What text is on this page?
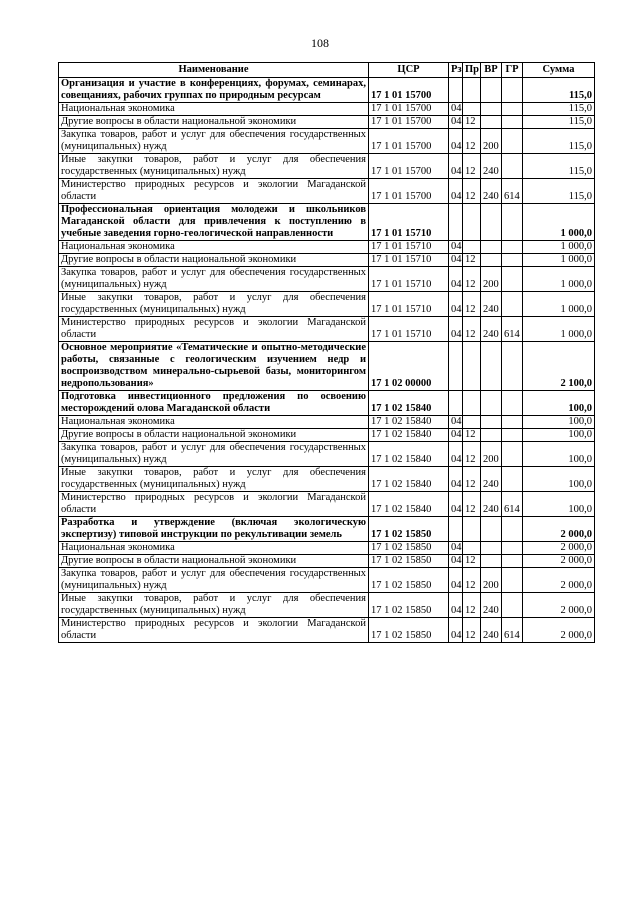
108
Наименование	ЦСР	Рз	Пр	ВР	ГР	Сумма
Организация и участие в конференциях, форумах, семинарах, совещаниях, рабочих группах по природным ресурсам	17 1 01 15700					115,0
Национальная экономика	17 1 01 15700	04				115,0
Другие вопросы в области национальной экономики	17 1 01 15700	04	12			115,0
Закупка товаров, работ и услуг для обеспечения государственных (муниципальных) нужд	17 1 01 15700	04	12	200		115,0
Иные закупки товаров, работ и услуг для обеспечения государственных (муниципальных) нужд	17 1 01 15700	04	12	240		115,0
Министерство природных ресурсов и экологии Магаданской области	17 1 01 15700	04	12	240	614	115,0
Профессиональная ориентация молодежи и школьников Магаданской области для привлечения к поступлению в учебные заведения горно-геологической направленности	17 1 01 15710					1 000,0
Национальная экономика	17 1 01 15710	04				1 000,0
Другие вопросы в области национальной экономики	17 1 01 15710	04	12			1 000,0
Закупка товаров, работ и услуг для обеспечения государственных (муниципальных) нужд	17 1 01 15710	04	12	200		1 000,0
Иные закупки товаров, работ и услуг для обеспечения государственных (муниципальных) нужд	17 1 01 15710	04	12	240		1 000,0
Министерство природных ресурсов и экологии Магаданской области	17 1 01 15710	04	12	240	614	1 000,0
Основное мероприятие «Тематические и опытно-методические работы, связанные с геологическим изучением недр и воспроизводством минерально-сырьевой базы, мониторингом недропользования»	17 1 02 00000					2 100,0
Подготовка инвестиционного предложения по освоению месторождений олова Магаданской области	17 1 02 15840					100,0
Национальная экономика	17 1 02 15840	04				100,0
Другие вопросы в области национальной экономики	17 1 02 15840	04	12			100,0
Закупка товаров, работ и услуг для обеспечения государственных (муниципальных) нужд	17 1 02 15840	04	12	200		100,0
Иные закупки товаров, работ и услуг для обеспечения государственных (муниципальных) нужд	17 1 02 15840	04	12	240		100,0
Министерство природных ресурсов и экологии Магаданской области	17 1 02 15840	04	12	240	614	100,0
Разработка и утверждение (включая экологическую экспертизу) типовой инструкции по рекультивации земель	17 1 02 15850					2 000,0
Национальная экономика	17 1 02 15850	04				2 000,0
Другие вопросы в области национальной экономики	17 1 02 15850	04	12			2 000,0
Закупка товаров, работ и услуг для обеспечения государственных (муниципальных) нужд	17 1 02 15850	04	12	200		2 000,0
Иные закупки товаров, работ и услуг для обеспечения государственных (муниципальных) нужд	17 1 02 15850	04	12	240		2 000,0
Министерство природных ресурсов и экологии Магаданской области	17 1 02 15850	04	12	240	614	2 000,0
